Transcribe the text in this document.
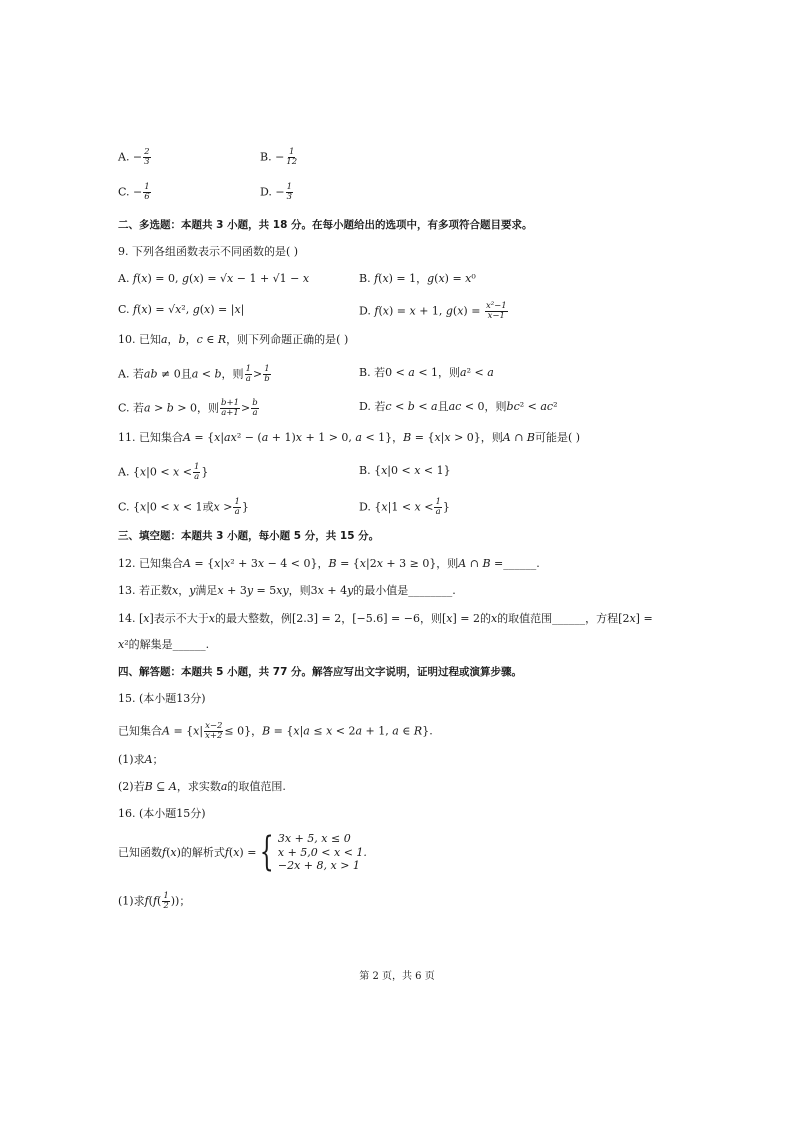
A. − $\frac{2}{3}$	B. − $\frac{1}{12}$
C. − $\frac{1}{6}$	D. − $\frac{1}{3}$
二、多选题：本题共 3 小题，共 18 分。在每小题给出的选项中，有多项符合题目要求。
9. 下列各组函数表示不同函数的是( )
A. 𝑓(𝑥) = 0, 𝑔(𝑥) = √𝑥 − 1 + √1 − 𝑥	B. 𝑓(𝑥) = 1，𝑔(𝑥) = 𝑥⁰
C. 𝑓(𝑥) = √𝑥², 𝑔(𝑥) = |𝑥|	D. 𝑓(𝑥) = 𝑥 + 1, 𝑔(𝑥) = $\frac{\text{x²−1}}{x-1}$
10. 已知𝑎，𝑏，𝑐 ∈ 𝑅，则下列命题正确的是( )
A. 若𝑎𝑏 ≠ 0且𝑎 < 𝑏，则 $\frac{1}{a} > \frac{1}{b}$	B. 若0 < 𝑎 < 1，则𝑎² < 𝑎
C. 若𝑎 > 𝑏 > 0，则 $\frac{b+1}{a+1} > \frac{b}{a}$	D. 若𝑐 < 𝑏 < 𝑎且𝑎𝑐 < 0，则𝑏𝑐² < 𝑎𝑐²
11. 已知集合𝐴 = {𝑥|𝑎𝑥² − (𝑎 + 1)𝑥 + 1 > 0, 𝑎 < 1}，𝐵 = {𝑥|𝑥 > 0}，则𝐴 ∩ 𝐵可能是( )
A. {𝑥|0 < 𝑥 < $\frac{1}{a}$ }	B. {𝑥|0 < 𝑥 < 1}
C. {𝑥|0 < 𝑥 < 1或𝑥 > $\frac{1}{a}$ }	D. {𝑥|1 < 𝑥 < $\frac{1}{a}$ }
三、填空题：本题共 3 小题，每小题 5 分，共 15 分。
12. 已知集合𝐴 = {𝑥|𝑥² + 3𝑥 − 4 < 0}，𝐵 = {𝑥|2𝑥 + 3 ≥ 0}，则𝐴 ∩ 𝐵 =______.
13. 若正数𝑥，𝑦满足𝑥 + 3𝑦 = 5𝑥𝑦，则3𝑥 + 4𝑦的最小值是________.
14. [𝑥]表示不大于𝑥的最大整数，例[2.3] = 2，[−5.6] = −6，则[𝑥] = 2的𝑥的取值范围______，方程[2𝑥] =
𝑥²的解集是______.
四、解答题：本题共 5 小题，共 77 分。解答应写出文字说明，证明过程或演算步骤。
15. (本小题13分)
已知集合𝐴 = {𝑥| $\frac{x-2}{x+2} \le 0$}，𝐵 = {𝑥|𝑎 ≤ 𝑥 < 2𝑎 + 1, 𝑎 ∈ 𝑅}.
(1)求𝐴；
(2)若𝐵 ⊆ 𝐴，求实数𝑎的取值范围.
16. (本小题15分)
已知函数𝑓(𝑥)的解析式𝑓(𝑥) = { 3𝑥 + 5, 𝑥 ≤ 0
𝑥 + 5,0 < 𝑥 < 1.
−2𝑥 + 8, 𝑥 > 1
(1)求𝑓(𝑓( $\frac{1}{2}$ ))；
第 2 页，共 6 页
